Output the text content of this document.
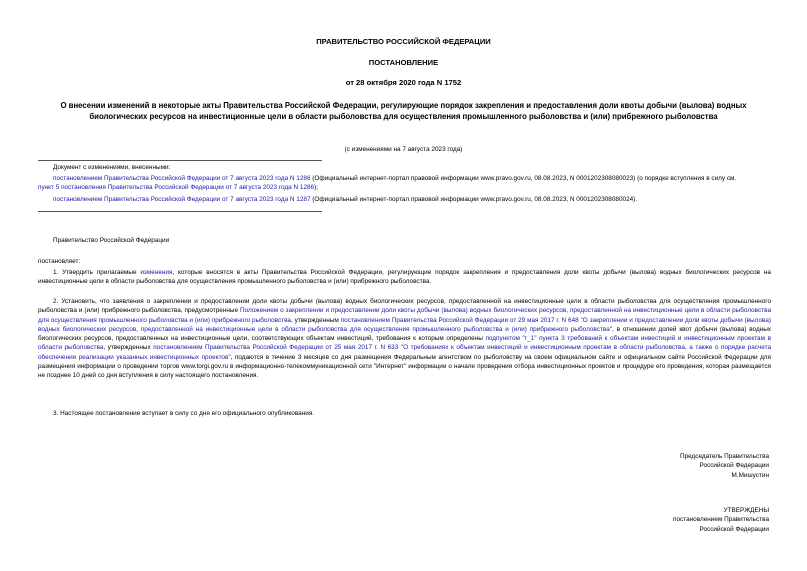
ПРАВИТЕЛЬСТВО РОССИЙСКОЙ ФЕДЕРАЦИИ
ПОСТАНОВЛЕНИЕ
от 28 октября 2020 года N 1752
О внесении изменений в некоторые акты Правительства Российской Федерации, регулирующие порядок закрепления и предоставления доли квоты добычи (вылова) водных биологических ресурсов на инвестиционные цели в области рыболовства для осуществления промышленного рыболовства и (или) прибрежного рыболовства
(с изменениями на 7 августа 2023 года)

Документ с изменениями, внесенными:

постановлением Правительства Российской Федерации от 7 августа 2023 года N 1286 (Официальный интернет-портал правовой информации www.pravo.gov.ru, 08.08.2023, N 0001202308080023) (о порядке вступления в силу см.

пункт 5 постановления Правительства Российской Федерации от 7 августа 2023 года N 1286);
постановлением Правительства Российской Федерации от 7 августа 2023 года N 1287 (Официальный интернет-портал правовой информации www.pravo.gov.ru, 08.08.2023, N 0001202308080024).
Правительство Российской Федерации
постановляет:
1. Утвердить прилагаемые изменения, которые вносятся в акты Правительства Российской Федерации, регулирующие порядок закрепления и предоставления доли квоты добычи (вылова) водных биологических ресурсов на инвестиционные цели в области рыболовства для осуществления промышленного рыболовства и (или) прибрежного рыболовства.
2. Установить, что заявления о закреплении и предоставлении доли квоты добычи (вылова) водных биологических ресурсов, предоставленной на инвестиционные цели в области рыболовства для осуществления промышленного рыболовства и (или) прибрежного рыболовства, предусмотренные Положением о закреплении и предоставлении доли квоты добычи (вылова) водных биологических ресурсов, предоставленной на инвестиционные цели в области рыболовства для осуществления промышленного рыболовства и (или) прибрежного рыболовства, утвержденным постановлением Правительства Российской Федерации от 29 мая 2017 г. N 648 "О закреплении и предоставлении доли квоты добычи (вылова) водных биологических ресурсов, предоставленной на инвестиционные цели в области рыболовства для осуществления промышленного рыболовства и (или) прибрежного рыболовства", в отношении долей квот добычи (вылова) водных биологических ресурсов, предоставленных на инвестиционные цели, соответствующих объектам инвестиций, требования к которым определены подпунктом "г_1" пункта 3 требований к объектам инвестиций и инвестиционным проектам в области рыболовства, утвержденных постановлением Правительства Российской Федерации от 25 мая 2017 г. N 633 "О требованиях к объектам инвестиций и инвестиционным проектам в области рыболовства, а также о порядке расчета обеспечения реализации указанных инвестиционных проектов", подаются в течение 3 месяцев со дня размещения Федеральным агентством по рыболовству на своем официальном сайте и официальном сайте Российской Федерации для размещения информации о проведении торгов www.torgi.gov.ru в информационно-телекоммуникационной сети "Интернет" информации о начале проведения отбора инвестиционных проектов и процедуре его проведения, которая размещается не позднее 10 дней со дня вступления в силу настоящего постановления.
3. Настоящее постановление вступает в силу со дня его официального опубликования.

Председатель Правительства

Российской Федерации

М.Мишустин

УТВЕРЖДЕНЫ

постановлением Правительства

Российской Федерации
